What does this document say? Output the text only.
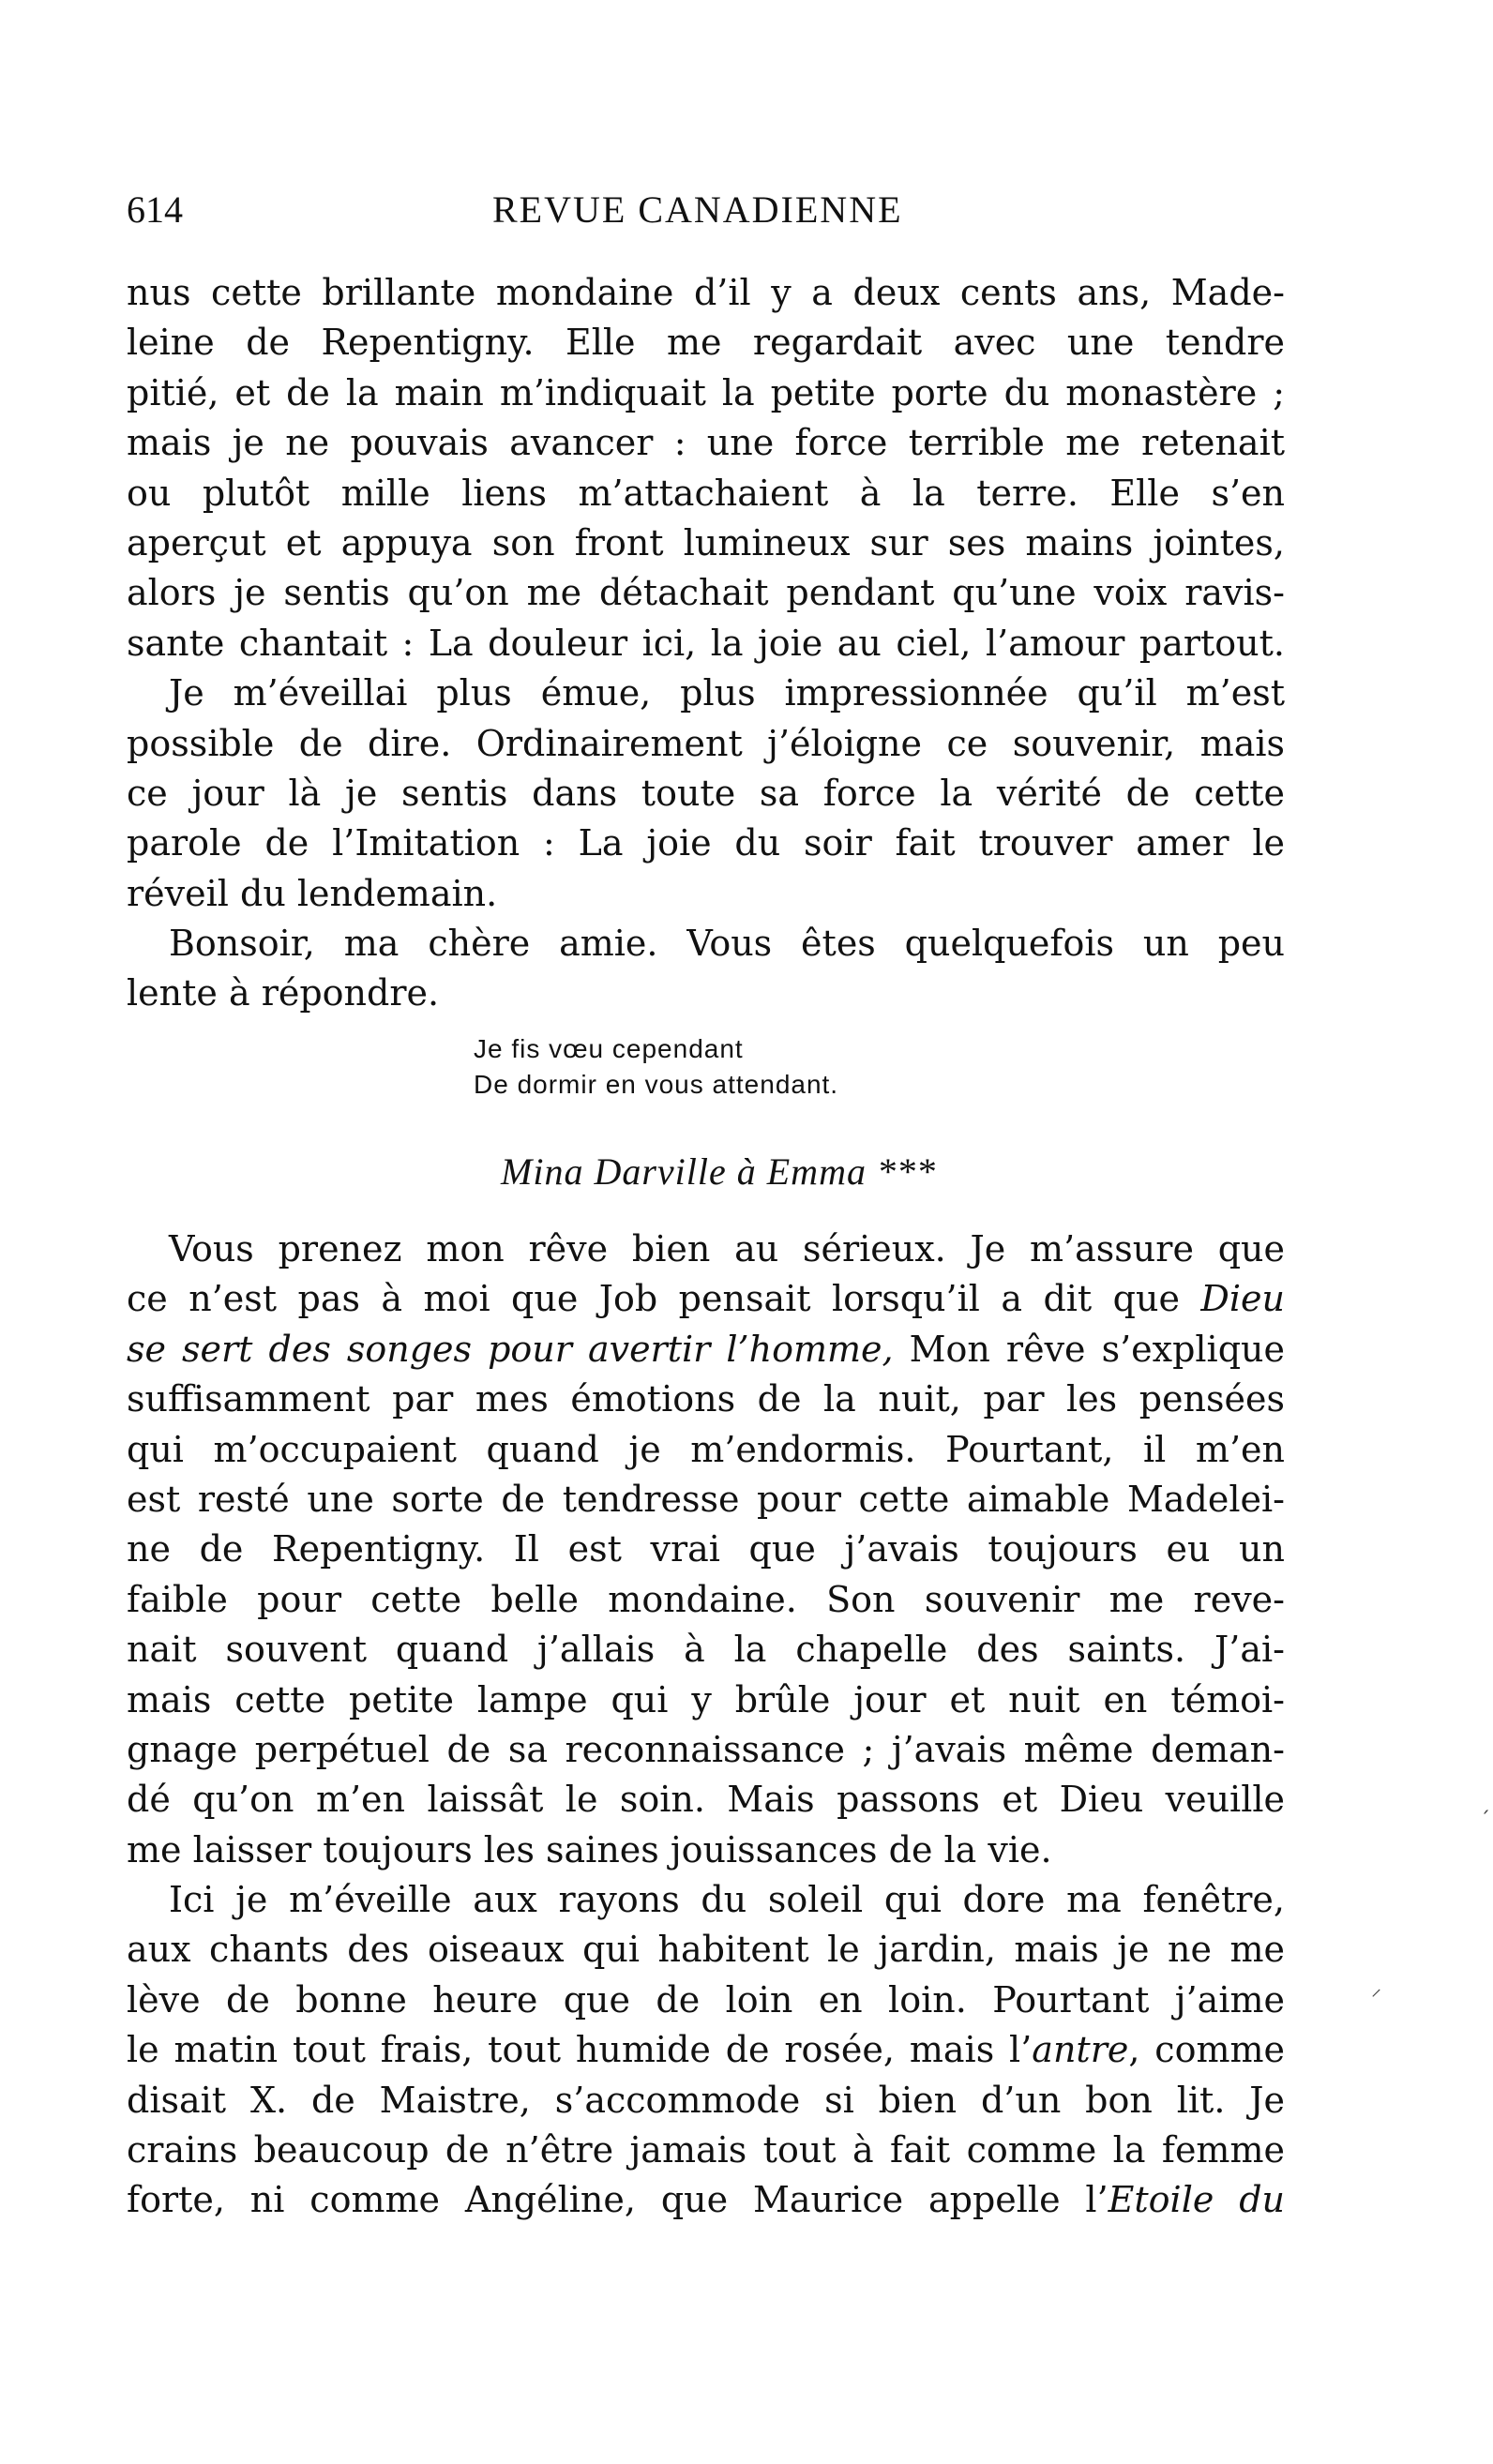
614	REVUE CANADIENNE
nus cette brillante mondaine d’il y a deux cents ans, Made-
leine de Repentigny. Elle me regardait avec une tendre
pitié, et de la main m’indiquait la petite porte du monastère ;
mais je ne pouvais avancer : une force terrible me retenait
ou plutôt mille liens m’attachaient à la terre. Elle s’en
aperçut et appuya son front lumineux sur ses mains jointes,
alors je sentis qu’on me détachait pendant qu’une voix ravis-
sante chantait : La douleur ici, la joie au ciel, l’amour partout.
Je m’éveillai plus émue, plus impressionnée qu’il m’est
possible de dire. Ordinairement j’éloigne ce souvenir, mais
ce jour là je sentis dans toute sa force la vérité de cette
parole de l’Imitation : La joie du soir fait trouver amer le
réveil du lendemain.
Bonsoir, ma chère amie. Vous êtes quelquefois un peu
lente à répondre.
Je fis vœu cependant
De dormir en vous attendant.
Mina Darville à Emma ***
Vous prenez mon rêve bien au sérieux. Je m’assure que
ce n’est pas à moi que Job pensait lorsqu’il a dit que Dieu
se sert des songes pour avertir l’homme, Mon rêve s’explique
suffisamment par mes émotions de la nuit, par les pensées
qui m’occupaient quand je m’endormis. Pourtant, il m’en
est resté une sorte de tendresse pour cette aimable Madelei-
ne de Repentigny. Il est vrai que j’avais toujours eu un
faible pour cette belle mondaine. Son souvenir me reve-
nait souvent quand j’allais à la chapelle des saints. J’ai-
mais cette petite lampe qui y brûle jour et nuit en témoi-
gnage perpétuel de sa reconnaissance ; j’avais même deman-
dé qu’on m’en laissât le soin. Mais passons et Dieu veuille
me laisser toujours les saines jouissances de la vie.
Ici je m’éveille aux rayons du soleil qui dore ma fenêtre,
aux chants des oiseaux qui habitent le jardin, mais je ne me
lève de bonne heure que de loin en loin. Pourtant j’aime
le matin tout frais, tout humide de rosée, mais l’antre, comme
disait X. de Maistre, s’accommode si bien d’un bon lit. Je
crains beaucoup de n’être jamais tout à fait comme la femme
forte, ni comme Angéline, que Maurice appelle l’Etoile du
ˏ
⸝
